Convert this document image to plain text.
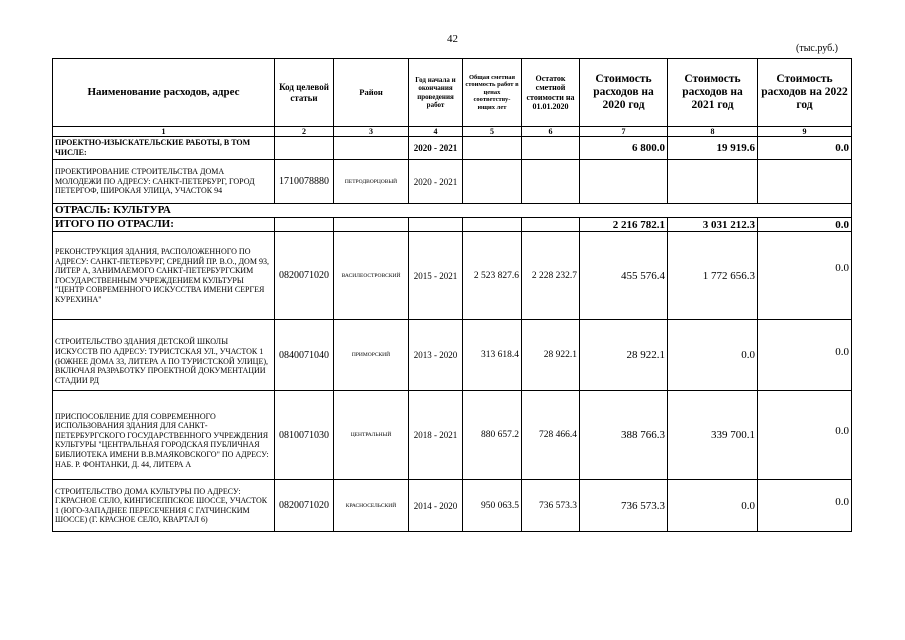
42
(тыс.руб.)
Наименование расходов, адрес	Код целевой статьи	Район	Год начала и окончания проведения работ	Общая сметная стоимость работ в ценах соответству-ющих лет	Остаток сметной стоимости на 01.01.2020	Стоимость расходов на 2020 год	Стоимость расходов на 2021 год	Стоимость расходов на 2022 год
1	2	3	4	5	6	7	8	9
ПРОЕКТНО-ИЗЫСКАТЕЛЬСКИЕ РАБОТЫ, В ТОМ ЧИСЛЕ:			2020 - 2021			6 800.0	19 919.6	0.0
ПРОЕКТИРОВАНИЕ СТРОИТЕЛЬСТВА ДОМА МОЛОДЕЖИ ПО АДРЕСУ: САНКТ-ПЕТЕРБУРГ, ГОРОД ПЕТЕРГОФ, ШИРОКАЯ УЛИЦА, УЧАСТОК 94	1710078880	ПЕТРОДВОРЦОВЫЙ	2020 - 2021					
ОТРАСЛЬ: КУЛЬТУРА								
ИТОГО ПО ОТРАСЛИ:						2 216 782.1	3 031 212.3	0.0
РЕКОНСТРУКЦИЯ ЗДАНИЯ, РАСПОЛОЖЕННОГО ПО АДРЕСУ: САНКТ-ПЕТЕРБУРГ, СРЕДНИЙ ПР. В.О., ДОМ 93, ЛИТЕР А, ЗАНИМАЕМОГО САНКТ-ПЕТЕРБУРГСКИМ ГОСУДАРСТВЕННЫМ УЧРЕЖДЕНИЕМ КУЛЬТУРЫ "ЦЕНТР СОВРЕМЕННОГО ИСКУССТВА ИМЕНИ СЕРГЕЯ КУРЕХИНА"	0820071020	ВАСИЛЕОСТРОВСКИЙ	2015 - 2021	2 523 827.6	2 228 232.7	455 576.4	1 772 656.3	0.0
СТРОИТЕЛЬСТВО ЗДАНИЯ ДЕТСКОЙ ШКОЛЫ ИСКУССТВ ПО АДРЕСУ: ТУРИСТСКАЯ УЛ., УЧАСТОК 1 (ЮЖНЕЕ ДОМА 33, ЛИТЕРА А ПО ТУРИСТСКОЙ УЛИЦЕ), ВКЛЮЧАЯ РАЗРАБОТКУ ПРОЕКТНОЙ ДОКУМЕНТАЦИИ СТАДИИ РД	0840071040	ПРИМОРСКИЙ	2013 - 2020	313 618.4	28 922.1	28 922.1	0.0	0.0
ПРИСПОСОБЛЕНИЕ ДЛЯ СОВРЕМЕННОГО ИСПОЛЬЗОВАНИЯ ЗДАНИЯ ДЛЯ САНКТ-ПЕТЕРБУРГСКОГО ГОСУДАРСТВЕННОГО УЧРЕЖДЕНИЯ КУЛЬТУРЫ "ЦЕНТРАЛЬНАЯ ГОРОДСКАЯ ПУБЛИЧНАЯ БИБЛИОТЕКА ИМЕНИ В.В.МАЯКОВСКОГО" ПО АДРЕСУ: НАБ. Р. ФОНТАНКИ, Д. 44, ЛИТЕРА А	0810071030	ЦЕНТРАЛЬНЫЙ	2018 - 2021	880 657.2	728 466.4	388 766.3	339 700.1	0.0
СТРОИТЕЛЬСТВО ДОМА КУЛЬТУРЫ ПО АДРЕСУ: Г.КРАСНОЕ СЕЛО, КИНГИСЕППСКОЕ ШОССЕ, УЧАСТОК 1 (ЮГО-ЗАПАДНЕЕ ПЕРЕСЕЧЕНИЯ С ГАТЧИНСКИМ ШОССЕ) (Г. КРАСНОЕ СЕЛО, КВАРТАЛ 6)	0820071020	КРАСНОСЕЛЬСКИЙ	2014 - 2020	950 063.5	736 573.3	736 573.3	0.0	0.0
